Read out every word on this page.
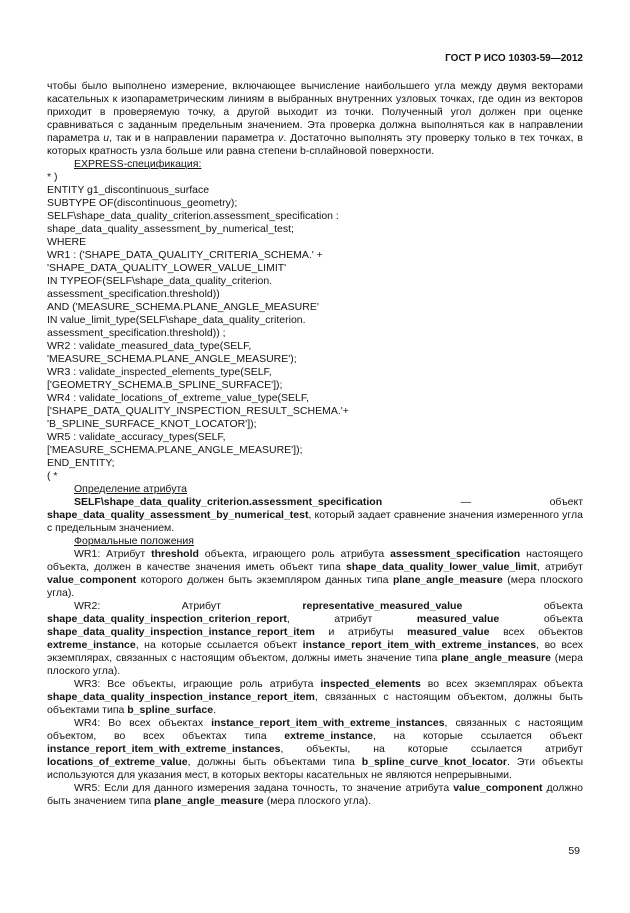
ГОСТ Р ИСО 10303-59—2012

чтобы было выполнено измерение, включающее вычисление наибольшего угла между двумя векторами касательных к изопараметрическим линиям в выбранных внутренних узловых точках, где один из векторов приходит в проверяемую точку, а другой выходит из точки. Полученный угол должен при оценке сравниваться с заданным предельным значением. Эта проверка должна выполняться как в направлении параметра u, так и в направлении параметра v. Достаточно выполнять эту проверку только в тех точках, в которых кратность узла больше или равна степени b-сплайновой поверхности.

EXPRESS-спецификация:

* )
ENTITY g1_discontinuous_surface
SUBTYPE OF(discontinuous_geometry);
SELF\shape_data_quality_criterion.assessment_specification :
shape_data_quality_assessment_by_numerical_test;
WHERE
WR1 : ('SHAPE_DATA_QUALITY_CRITERIA_SCHEMA.' +
'SHAPE_DATA_QUALITY_LOWER_VALUE_LIMIT'
IN TYPEOF(SELF\shape_data_quality_criterion.
assessment_specification.threshold))
AND ('MEASURE_SCHEMA.PLANE_ANGLE_MEASURE'
IN value_limit_type(SELF\shape_data_quality_criterion.
assessment_specification.threshold)) ;
WR2 : validate_measured_data_type(SELF,
'MEASURE_SCHEMA.PLANE_ANGLE_MEASURE');
WR3 : validate_inspected_elements_type(SELF,
['GEOMETRY_SCHEMA.B_SPLINE_SURFACE']);
WR4 : validate_locations_of_extreme_value_type(SELF,
['SHAPE_DATA_QUALITY_INSPECTION_RESULT_SCHEMA.'+
'B_SPLINE_SURFACE_KNOT_LOCATOR']);
WR5 : validate_accuracy_types(SELF,
['MEASURE_SCHEMA.PLANE_ANGLE_MEASURE']);
END_ENTITY;
( *

Определение атрибута

SELF\shape_data_quality_criterion.assessment_specification — объект shape_data_quality_assessment_by_numerical_test, который задает сравнение значения измеренного угла с предельным значением.

Формальные положения

WR1: Атрибут threshold объекта, играющего роль атрибута assessment_specification настоящего объекта, должен в качестве значения иметь объект типа shape_data_quality_lower_value_limit, атрибут value_component которого должен быть экземпляром данных типа plane_angle_measure (мера плоского угла).

WR2: Атрибут representative_measured_value объекта shape_data_quality_inspection_criterion_report, атрибут measured_value объекта shape_data_quality_inspection_instance_report_item и атрибуты measured_value всех объектов extreme_instance, на которые ссылается объект instance_report_item_with_extreme_instances, во всех экземплярах, связанных с настоящим объектом, должны иметь значение типа plane_angle_measure (мера плоского угла).

WR3: Все объекты, играющие роль атрибута inspected_elements во всех экземплярах объекта shape_data_quality_inspection_instance_report_item, связанных с настоящим объектом, должны быть объектами типа b_spline_surface.

WR4: Во всех объектах instance_report_item_with_extreme_instances, связанных с настоящим объектом, во всех объектах типа extreme_instance, на которые ссылается объект instance_report_item_with_extreme_instances, объекты, на которые ссылается атрибут locations_of_extreme_value, должны быть объектами типа b_spline_curve_knot_locator. Эти объекты используются для указания мест, в которых векторы касательных не являются непрерывными.

WR5: Если для данного измерения задана точность, то значение атрибута value_component должно быть значением типа plane_angle_measure (мера плоского угла).

59
